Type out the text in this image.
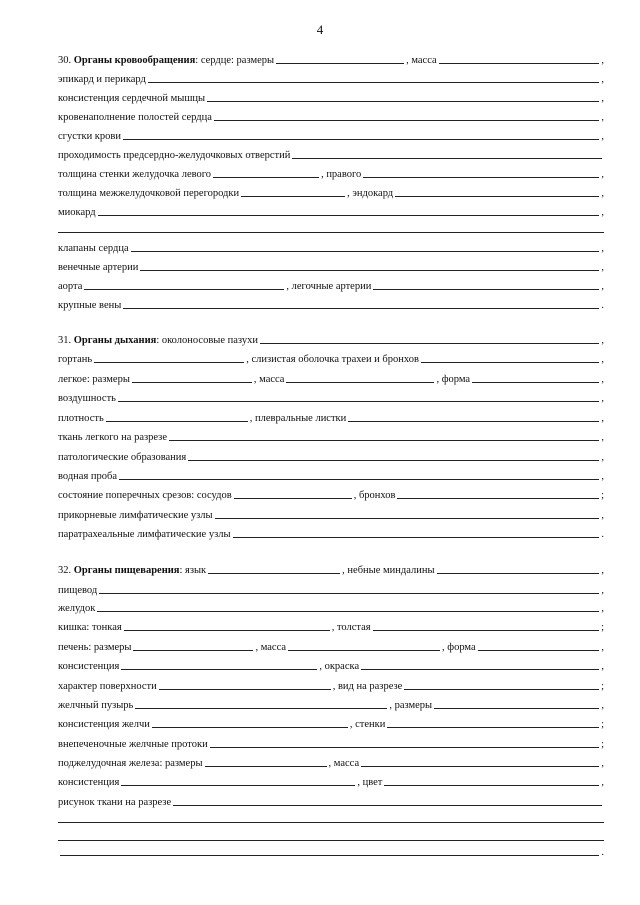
4
30.
Органы кровообращения : сердце: размеры	, масса	,
эпикард и перикард	,
консистенция сердечной мышцы	,
кровенаполнение полостей сердца	,
сгустки крови	,
проходимость предсердно-желудочковых отверстий
толщина стенки желудочка левого	, правого	,
толщина межжелудочковой перегородки	, эндокард	,
миокард	,
клапаны сердца	,
венечные артерии	,
аорта	, легочные артерии	,
крупные вены	.
31.
Органы дыхания : околоносовые пазухи	,
гортань	, слизистая оболочка трахеи и бронхов	,
легкое: размеры	, масса	, форма	,
воздушность	,
плотность	, плевральные листки	,
ткань легкого на разрезе	,
патологические образования	,
водная проба	,
состояние поперечных срезов: сосудов	, бронхов	;
прикорневые лимфатические узлы	,
паратрахеальные лимфатические узлы	.
32.
Органы пищеварения : язык	, небные миндалины	,
пищевод	,
желудок	,
кишка: тонкая	, толстая	;
печень: размеры	, масса	, форма	,
консистенция	, окраска	,
характер поверхности	, вид на разрезе	;
желчный пузырь	, размеры	,
консистенция желчи	, стенки	;
внепеченочные желчные протоки	;
поджелудочная железа: размеры	, масса	,
консистенция	, цвет	,
рисунок ткани на разрезе
.
